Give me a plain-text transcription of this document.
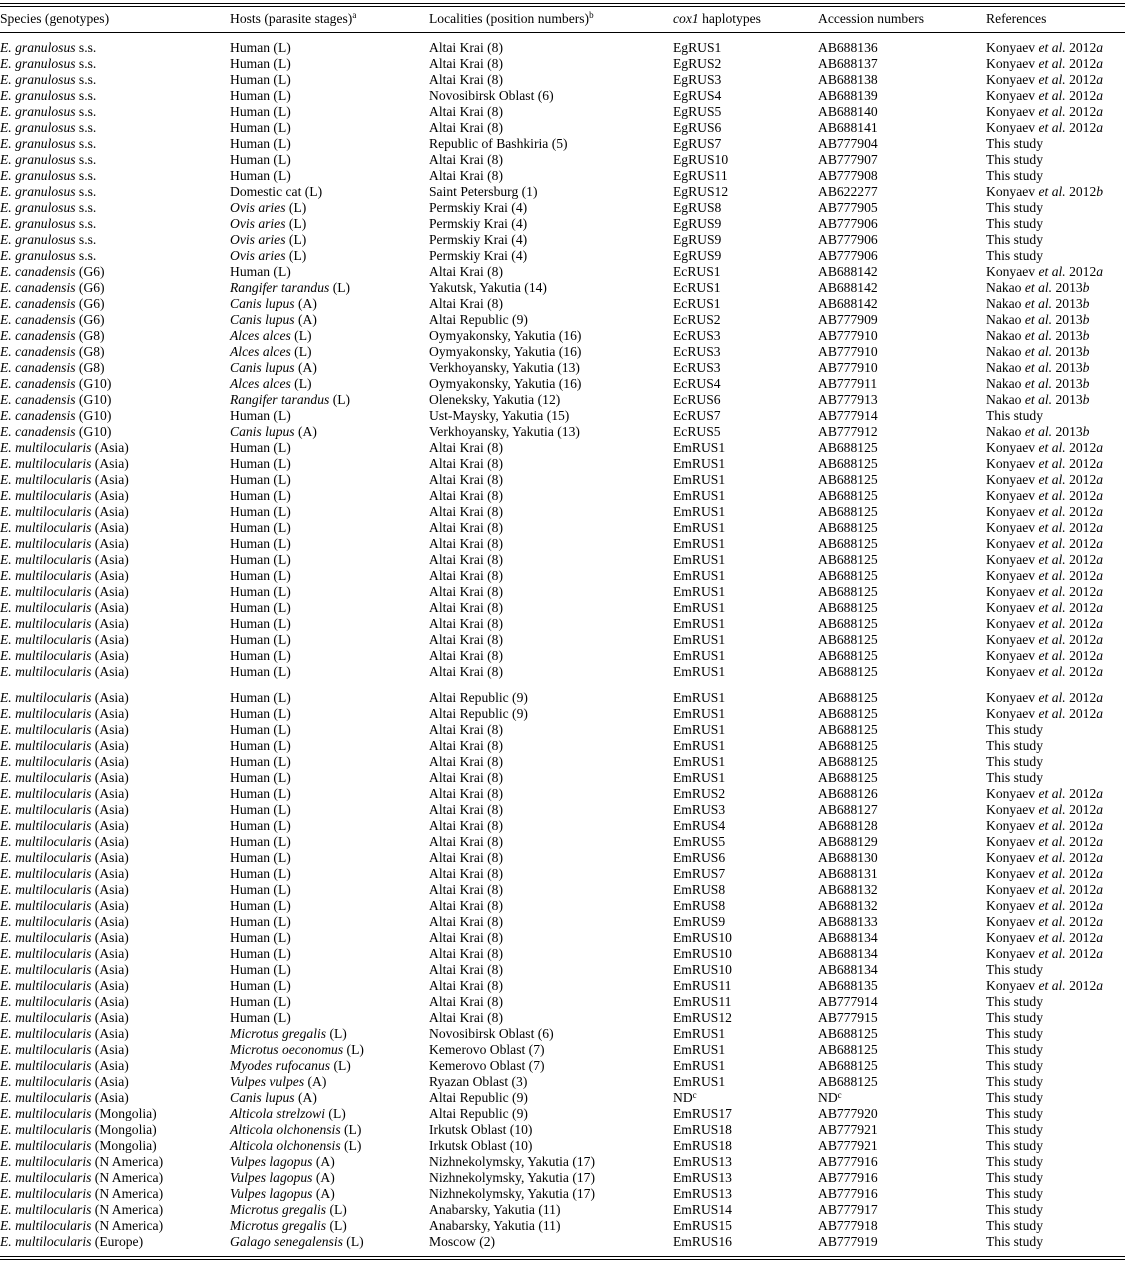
Species (genotypes)	Hosts (parasite stages)$^a$	Localities (position numbers)$^b$	cox1 haplotypes	Accession numbers	References
E. granulosus s.s.	Human (L)	Altai Krai (8)	EgRUS1	AB688136	Konyaev et al. 2012a
E. granulosus s.s.	Human (L)	Altai Krai (8)	EgRUS2	AB688137	Konyaev et al. 2012a
E. granulosus s.s.	Human (L)	Altai Krai (8)	EgRUS3	AB688138	Konyaev et al. 2012a
E. granulosus s.s.	Human (L)	Novosibirsk Oblast (6)	EgRUS4	AB688139	Konyaev et al. 2012a
E. granulosus s.s.	Human (L)	Altai Krai (8)	EgRUS5	AB688140	Konyaev et al. 2012a
E. granulosus s.s.	Human (L)	Altai Krai (8)	EgRUS6	AB688141	Konyaev et al. 2012a
E. granulosus s.s.	Human (L)	Republic of Bashkiria (5)	EgRUS7	AB777904	This study
E. granulosus s.s.	Human (L)	Altai Krai (8)	EgRUS10	AB777907	This study
E. granulosus s.s.	Human (L)	Altai Krai (8)	EgRUS11	AB777908	This study
E. granulosus s.s.	Domestic cat (L)	Saint Petersburg (1)	EgRUS12	AB622277	Konyaev et al. 2012b
E. granulosus s.s.	Ovis aries (L)	Permskiy Krai (4)	EgRUS8	AB777905	This study
E. granulosus s.s.	Ovis aries (L)	Permskiy Krai (4)	EgRUS9	AB777906	This study
E. granulosus s.s.	Ovis aries (L)	Permskiy Krai (4)	EgRUS9	AB777906	This study
E. granulosus s.s.	Ovis aries (L)	Permskiy Krai (4)	EgRUS9	AB777906	This study
E. canadensis (G6)	Human (L)	Altai Krai (8)	EcRUS1	AB688142	Konyaev et al. 2012a
E. canadensis (G6)	Rangifer tarandus (L)	Yakutsk, Yakutia (14)	EcRUS1	AB688142	Nakao et al. 2013b
E. canadensis (G6)	Canis lupus (A)	Altai Krai (8)	EcRUS1	AB688142	Nakao et al. 2013b
E. canadensis (G6)	Canis lupus (A)	Altai Republic (9)	EcRUS2	AB777909	Nakao et al. 2013b
E. canadensis (G8)	Alces alces (L)	Oymyakonsky, Yakutia (16)	EcRUS3	AB777910	Nakao et al. 2013b
E. canadensis (G8)	Alces alces (L)	Oymyakonsky, Yakutia (16)	EcRUS3	AB777910	Nakao et al. 2013b
E. canadensis (G8)	Canis lupus (A)	Verkhoyansky, Yakutia (13)	EcRUS3	AB777910	Nakao et al. 2013b
E. canadensis (G10)	Alces alces (L)	Oymyakonsky, Yakutia (16)	EcRUS4	AB777911	Nakao et al. 2013b
E. canadensis (G10)	Rangifer tarandus (L)	Oleneksky, Yakutia (12)	EcRUS6	AB777913	Nakao et al. 2013b
E. canadensis (G10)	Human (L)	Ust-Maysky, Yakutia (15)	EcRUS7	AB777914	This study
E. canadensis (G10)	Canis lupus (A)	Verkhoyansky, Yakutia (13)	EcRUS5	AB777912	Nakao et al. 2013b
E. multilocularis (Asia)	Human (L)	Altai Krai (8)	EmRUS1	AB688125	Konyaev et al. 2012a
E. multilocularis (Asia)	Human (L)	Altai Krai (8)	EmRUS1	AB688125	Konyaev et al. 2012a
E. multilocularis (Asia)	Human (L)	Altai Krai (8)	EmRUS1	AB688125	Konyaev et al. 2012a
E. multilocularis (Asia)	Human (L)	Altai Krai (8)	EmRUS1	AB688125	Konyaev et al. 2012a
E. multilocularis (Asia)	Human (L)	Altai Krai (8)	EmRUS1	AB688125	Konyaev et al. 2012a
E. multilocularis (Asia)	Human (L)	Altai Krai (8)	EmRUS1	AB688125	Konyaev et al. 2012a
E. multilocularis (Asia)	Human (L)	Altai Krai (8)	EmRUS1	AB688125	Konyaev et al. 2012a
E. multilocularis (Asia)	Human (L)	Altai Krai (8)	EmRUS1	AB688125	Konyaev et al. 2012a
E. multilocularis (Asia)	Human (L)	Altai Krai (8)	EmRUS1	AB688125	Konyaev et al. 2012a
E. multilocularis (Asia)	Human (L)	Altai Krai (8)	EmRUS1	AB688125	Konyaev et al. 2012a
E. multilocularis (Asia)	Human (L)	Altai Krai (8)	EmRUS1	AB688125	Konyaev et al. 2012a
E. multilocularis (Asia)	Human (L)	Altai Krai (8)	EmRUS1	AB688125	Konyaev et al. 2012a
E. multilocularis (Asia)	Human (L)	Altai Krai (8)	EmRUS1	AB688125	Konyaev et al. 2012a
E. multilocularis (Asia)	Human (L)	Altai Krai (8)	EmRUS1	AB688125	Konyaev et al. 2012a
E. multilocularis (Asia)	Human (L)	Altai Krai (8)	EmRUS1	AB688125	Konyaev et al. 2012a
E. multilocularis (Asia)	Human (L)	Altai Republic (9)	EmRUS1	AB688125	Konyaev et al. 2012a
E. multilocularis (Asia)	Human (L)	Altai Republic (9)	EmRUS1	AB688125	Konyaev et al. 2012a
E. multilocularis (Asia)	Human (L)	Altai Krai (8)	EmRUS1	AB688125	This study
E. multilocularis (Asia)	Human (L)	Altai Krai (8)	EmRUS1	AB688125	This study
E. multilocularis (Asia)	Human (L)	Altai Krai (8)	EmRUS1	AB688125	This study
E. multilocularis (Asia)	Human (L)	Altai Krai (8)	EmRUS1	AB688125	This study
E. multilocularis (Asia)	Human (L)	Altai Krai (8)	EmRUS2	AB688126	Konyaev et al. 2012a
E. multilocularis (Asia)	Human (L)	Altai Krai (8)	EmRUS3	AB688127	Konyaev et al. 2012a
E. multilocularis (Asia)	Human (L)	Altai Krai (8)	EmRUS4	AB688128	Konyaev et al. 2012a
E. multilocularis (Asia)	Human (L)	Altai Krai (8)	EmRUS5	AB688129	Konyaev et al. 2012a
E. multilocularis (Asia)	Human (L)	Altai Krai (8)	EmRUS6	AB688130	Konyaev et al. 2012a
E. multilocularis (Asia)	Human (L)	Altai Krai (8)	EmRUS7	AB688131	Konyaev et al. 2012a
E. multilocularis (Asia)	Human (L)	Altai Krai (8)	EmRUS8	AB688132	Konyaev et al. 2012a
E. multilocularis (Asia)	Human (L)	Altai Krai (8)	EmRUS8	AB688132	Konyaev et al. 2012a
E. multilocularis (Asia)	Human (L)	Altai Krai (8)	EmRUS9	AB688133	Konyaev et al. 2012a
E. multilocularis (Asia)	Human (L)	Altai Krai (8)	EmRUS10	AB688134	Konyaev et al. 2012a
E. multilocularis (Asia)	Human (L)	Altai Krai (8)	EmRUS10	AB688134	Konyaev et al. 2012a
E. multilocularis (Asia)	Human (L)	Altai Krai (8)	EmRUS10	AB688134	This study
E. multilocularis (Asia)	Human (L)	Altai Krai (8)	EmRUS11	AB688135	Konyaev et al. 2012a
E. multilocularis (Asia)	Human (L)	Altai Krai (8)	EmRUS11	AB777914	This study
E. multilocularis (Asia)	Human (L)	Altai Krai (8)	EmRUS12	AB777915	This study
E. multilocularis (Asia)	Microtus gregalis (L)	Novosibirsk Oblast (6)	EmRUS1	AB688125	This study
E. multilocularis (Asia)	Microtus oeconomus (L)	Kemerovo Oblast (7)	EmRUS1	AB688125	This study
E. multilocularis (Asia)	Myodes rufocanus (L)	Kemerovo Oblast (7)	EmRUS1	AB688125	This study
E. multilocularis (Asia)	Vulpes vulpes (A)	Ryazan Oblast (3)	EmRUS1	AB688125	This study
E. multilocularis (Asia)	Canis lupus (A)	Altai Republic (9)	$ND^c$	$ND^c$	This study
E. multilocularis (Mongolia)	Alticola strelzowi (L)	Altai Republic (9)	EmRUS17	AB777920	This study
E. multilocularis (Mongolia)	Alticola olchonensis (L)	Irkutsk Oblast (10)	EmRUS18	AB777921	This study
E. multilocularis (Mongolia)	Alticola olchonensis (L)	Irkutsk Oblast (10)	EmRUS18	AB777921	This study
E. multilocularis (N America)	Vulpes lagopus (A)	Nizhnekolymsky, Yakutia (17)	EmRUS13	AB777916	This study
E. multilocularis (N America)	Vulpes lagopus (A)	Nizhnekolymsky, Yakutia (17)	EmRUS13	AB777916	This study
E. multilocularis (N America)	Vulpes lagopus (A)	Nizhnekolymsky, Yakutia (17)	EmRUS13	AB777916	This study
E. multilocularis (N America)	Microtus gregalis (L)	Anabarsky, Yakutia (11)	EmRUS14	AB777917	This study
E. multilocularis (N America)	Microtus gregalis (L)	Anabarsky, Yakutia (11)	EmRUS15	AB777918	This study
E. multilocularis (Europe)	Galago senegalensis (L)	Moscow (2)	EmRUS16	AB777919	This study
